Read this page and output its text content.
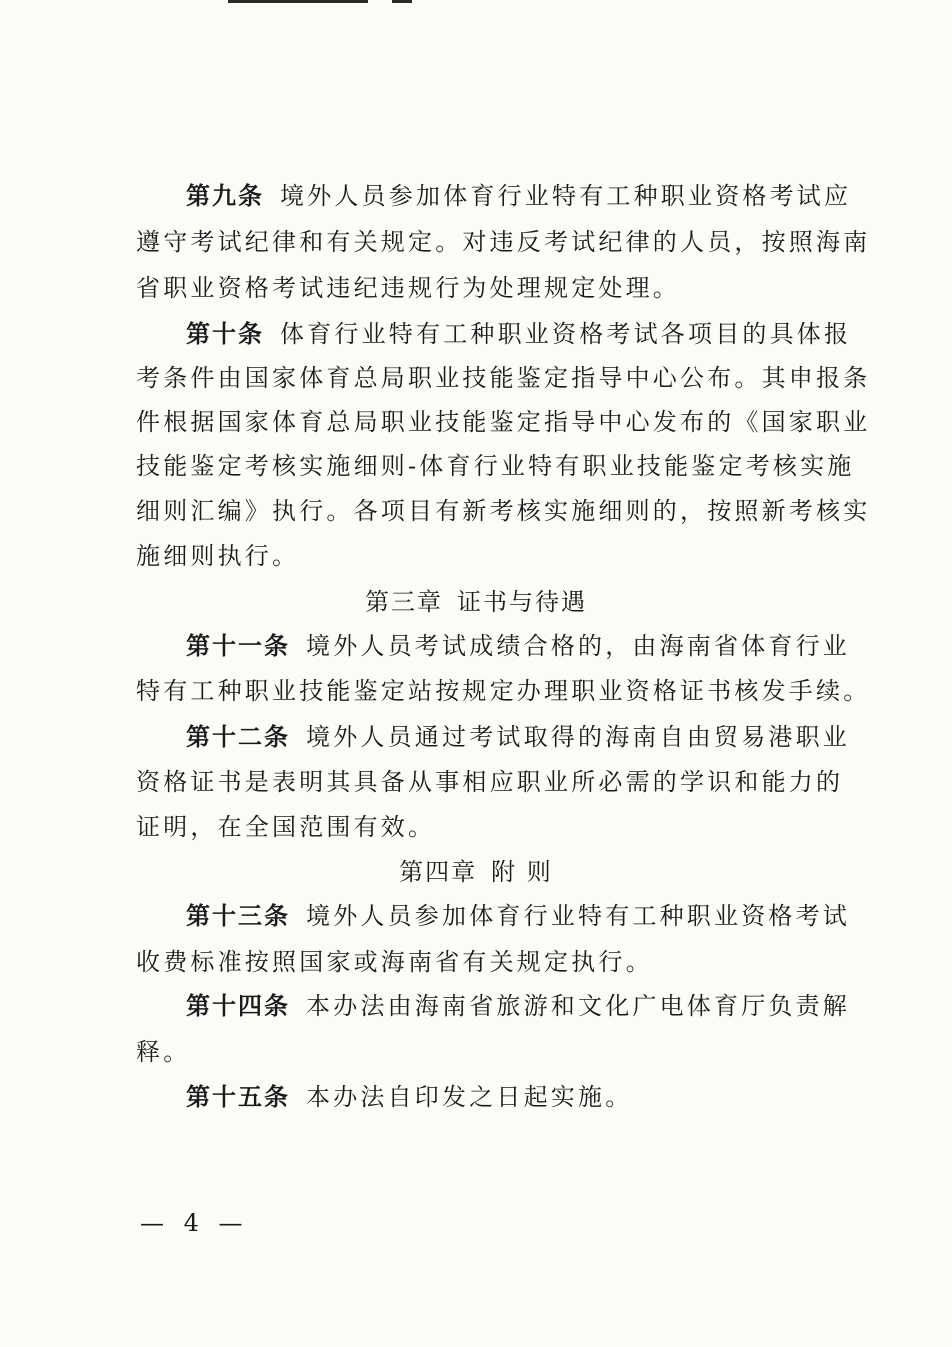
第九条 境外人员参加体育行业特有工种职业资格考试应
遵守考试纪律和有关规定。对违反考试纪律的人员，按照海南
省职业资格考试违纪违规行为处理规定处理。
第十条 体育行业特有工种职业资格考试各项目的具体报
考条件由国家体育总局职业技能鉴定指导中心公布。其申报条
件根据国家体育总局职业技能鉴定指导中心发布的《国家职业
技能鉴定考核实施细则-体育行业特有职业技能鉴定考核实施
细则汇编》执行。各项目有新考核实施细则的，按照新考核实
施细则执行。
第三章 证书与待遇
第十一条 境外人员考试成绩合格的，由海南省体育行业
特有工种职业技能鉴定站按规定办理职业资格证书核发手续。
第十二条 境外人员通过考试取得的海南自由贸易港职业
资格证书是表明其具备从事相应职业所必需的学识和能力的
证明，在全国范围有效。
第四章 附 则
第十三条 境外人员参加体育行业特有工种职业资格考试
收费标准按照国家或海南省有关规定执行。
第十四条 本办法由海南省旅游和文化广电体育厅负责解
释。
第十五条 本办法自印发之日起实施。
— 4 —
